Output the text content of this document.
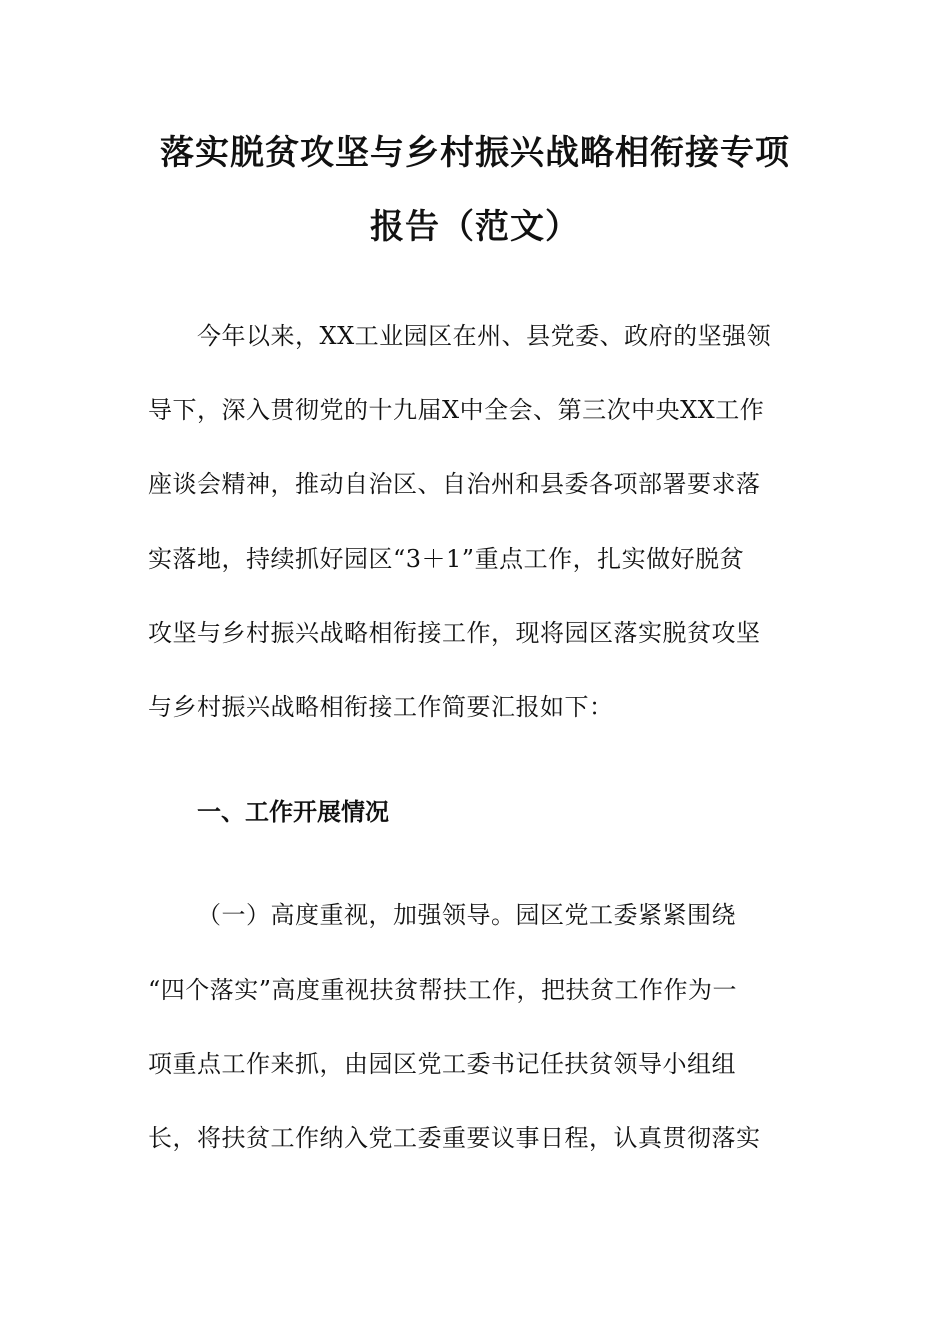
落实脱贫攻坚与乡村振兴战略相衔接专项
报告（范文）
今年以来，XX工业园区在州、县党委、政府的坚强领
导下，深入贯彻党的十九届X中全会、第三次中央XX工作
座谈会精神，推动自治区、自治州和县委各项部署要求落
实落地，持续抓好园区“3＋1”重点工作，扎实做好脱贫
攻坚与乡村振兴战略相衔接工作，现将园区落实脱贫攻坚
与乡村振兴战略相衔接工作简要汇报如下：
一、工作开展情况
（一）高度重视，加强领导。园区党工委紧紧围绕
“四个落实”高度重视扶贫帮扶工作，把扶贫工作作为一
项重点工作来抓，由园区党工委书记任扶贫领导小组组
长，将扶贫工作纳入党工委重要议事日程，认真贯彻落实
